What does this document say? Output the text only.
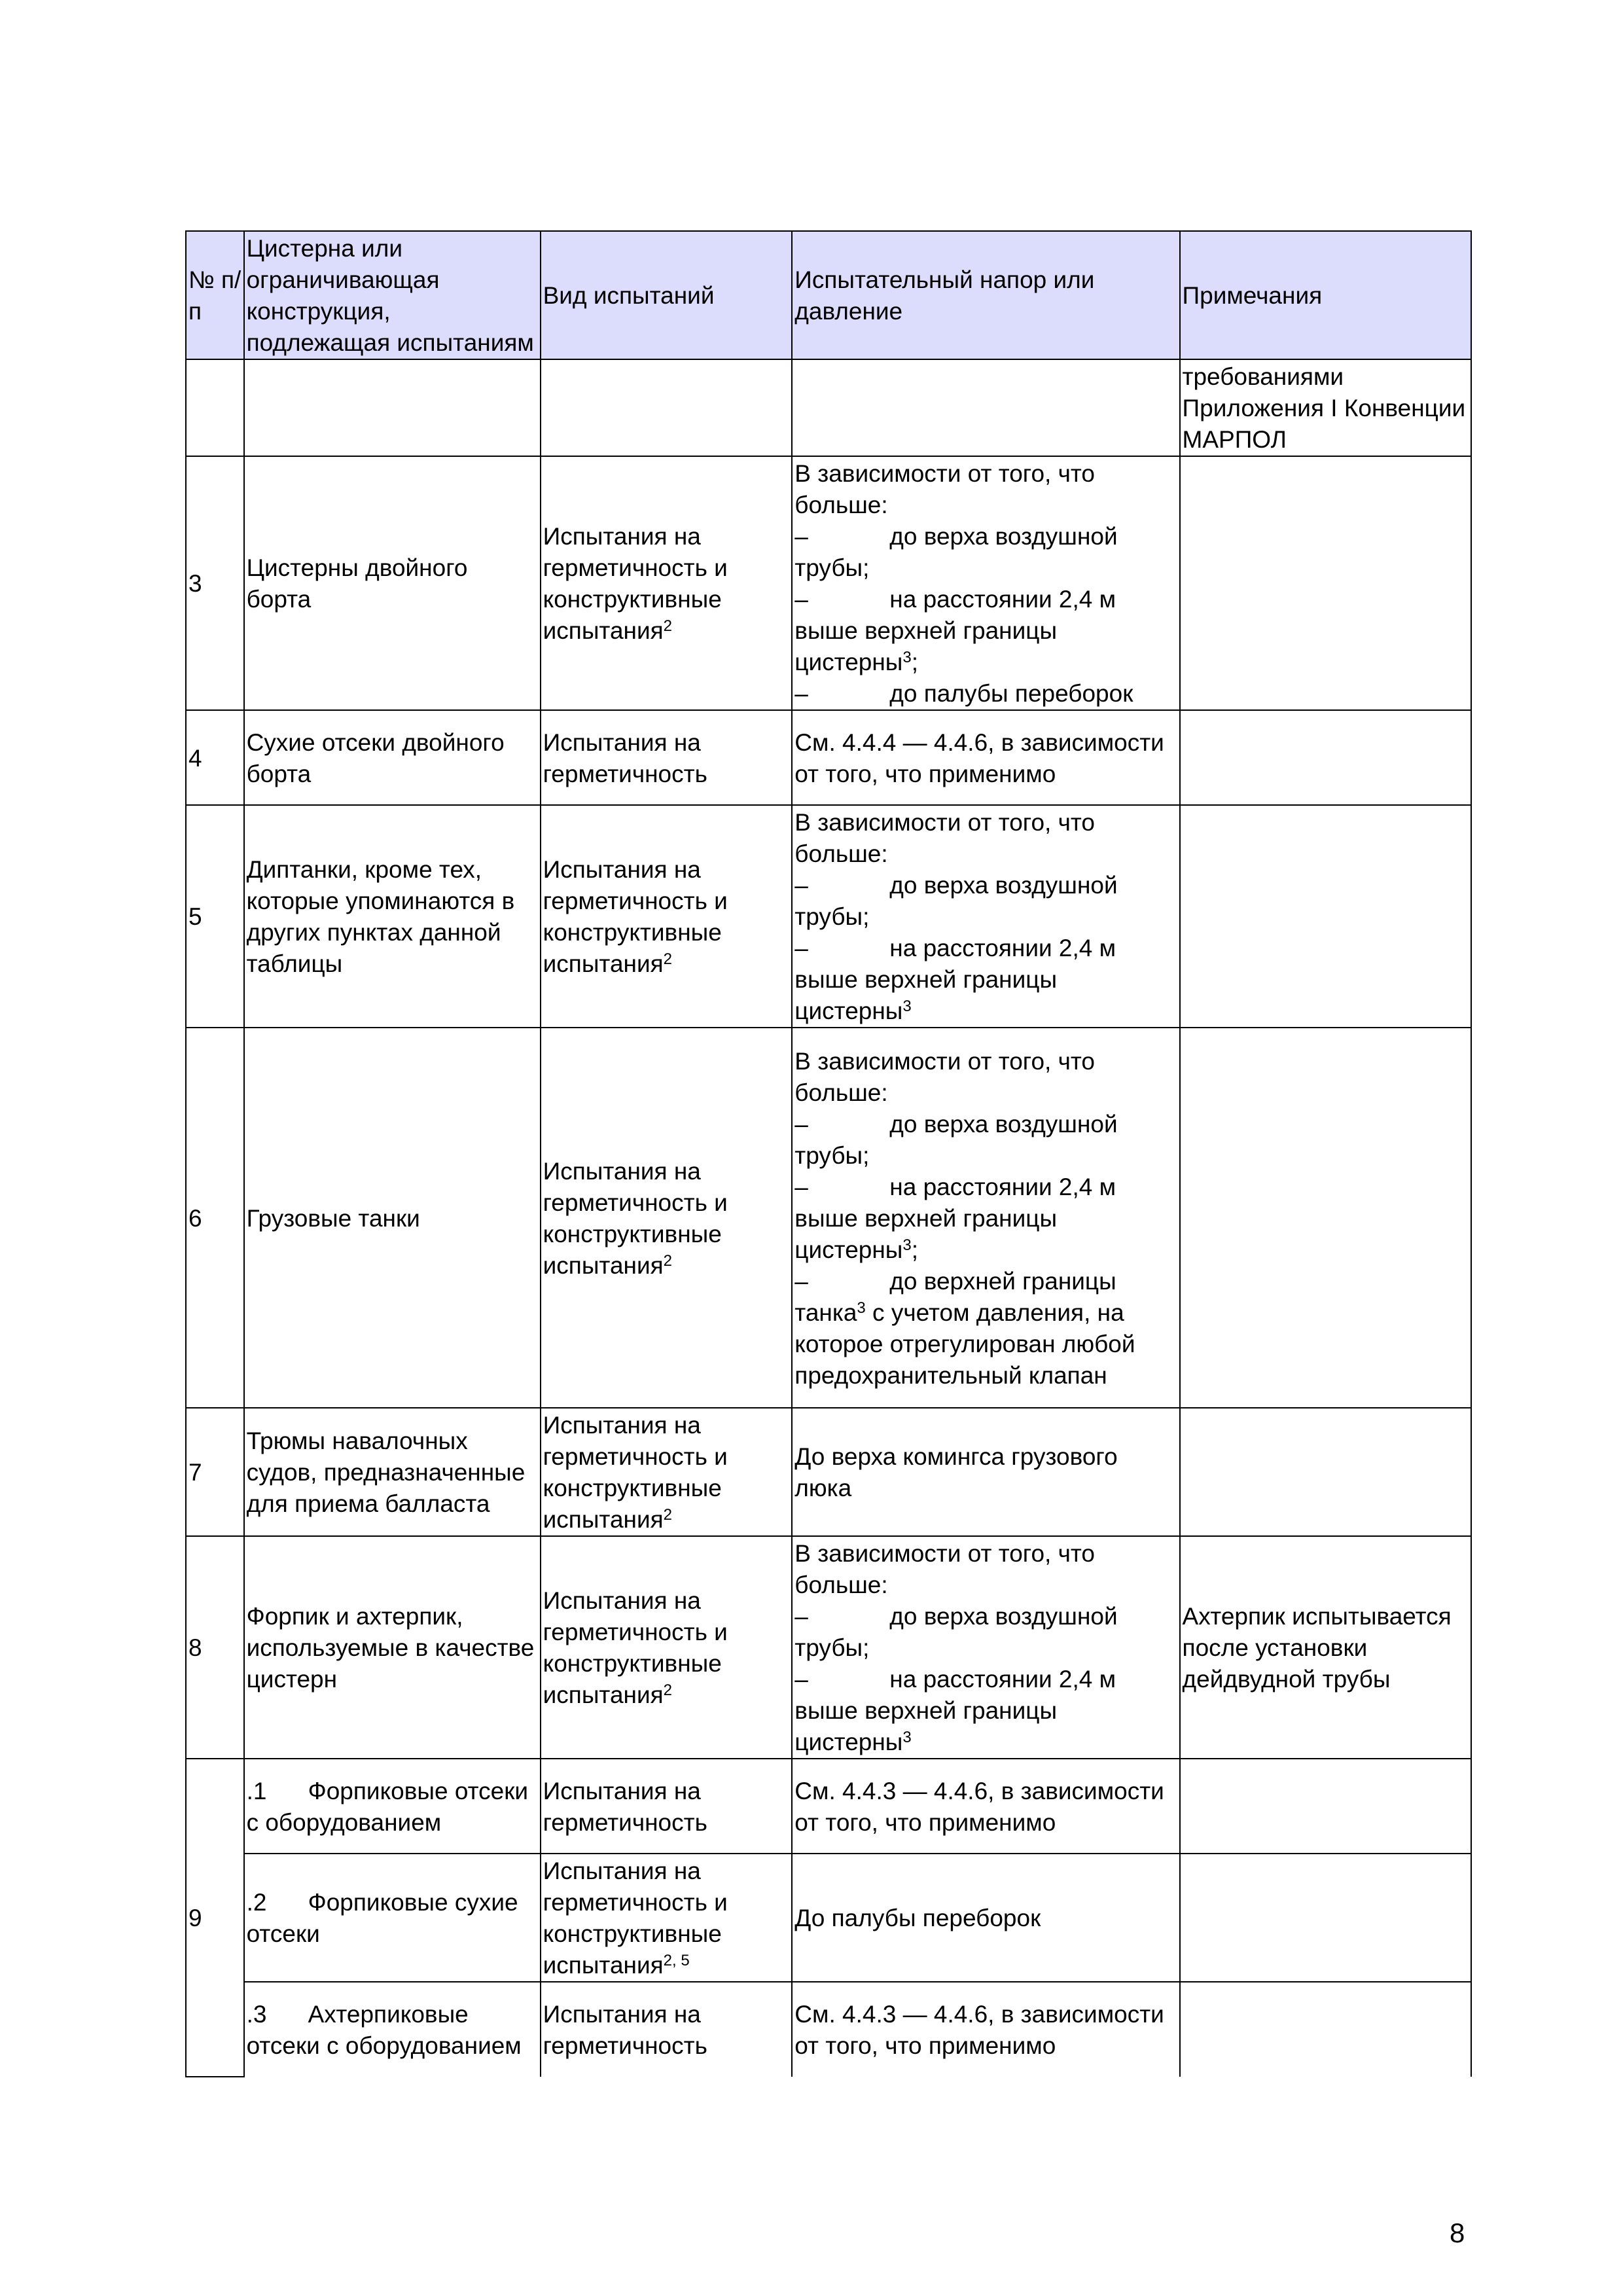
№ п/п	Цистерна или ограничивающая конструкция, подлежащая испытаниям	Вид испытаний	Испытательный напор или давление	Примечания
				требованиями Приложения I Конвенции МАРПОЛ
3	Цистерны двойного борта	Испытания на герметичность и конструктивные испытания$^2$	В зависимости от того, что больше:
– до верха воздушной трубы;
– на расстоянии 2,4 м выше верхней границы цистерны$^3$;
– до палубы переборок	

4	Сухие отсеки двойного борта	Испытания на герметичность	См. 4.4.4 — 4.4.6, в зависимости от того, что применимо	
5	Диптанки, кроме тех, которые упоминаются в других пунктах данной таблицы	Испытания на герметичность и конструктивные испытания$^2$	В зависимости от того, что больше:
– до верха воздушной трубы;
– на расстоянии 2,4 м выше верхней границы цистерны$^3$

6	Грузовые танки	Испытания на герметичность и конструктивные испытания$^2$	В зависимости от того, что больше:
– до верха воздушной трубы;
– на расстоянии 2,4 м выше верхней границы цистерны$^3$;
– до верхней границы танка$^3$ с учетом давления, на которое отрегулирован любой предохранительный клапан	

7	Трюмы навалочных судов, предназначенные для приема балласта	Испытания на герметичность и конструктивные испытания$^2$	До верха комингса грузового люка	
8	Форпик и ахтерпик, используемые в качестве цистерн	Испытания на герметичность и конструктивные испытания$^2$	В зависимости от того, что больше:
– до верха воздушной трубы;
– на расстоянии 2,4 м выше верхней границы цистерны$^3$	Ахтерпик испытывается после установки дейдвудной трубы
9	.1 Форпиковые отсеки с оборудованием	Испытания на герметичность	См. 4.4.3 — 4.4.6, в зависимости от того, что применимо	
	.2 Форпиковые сухие отсеки	Испытания на герметичность и конструктивные испытания$^{2, 5}$	До палубы переборок	
	.3 Ахтерпиковые отсеки с оборудованием	Испытания на герметичность	См. 4.4.3 — 4.4.6, в зависимости от того, что применимо	
8
